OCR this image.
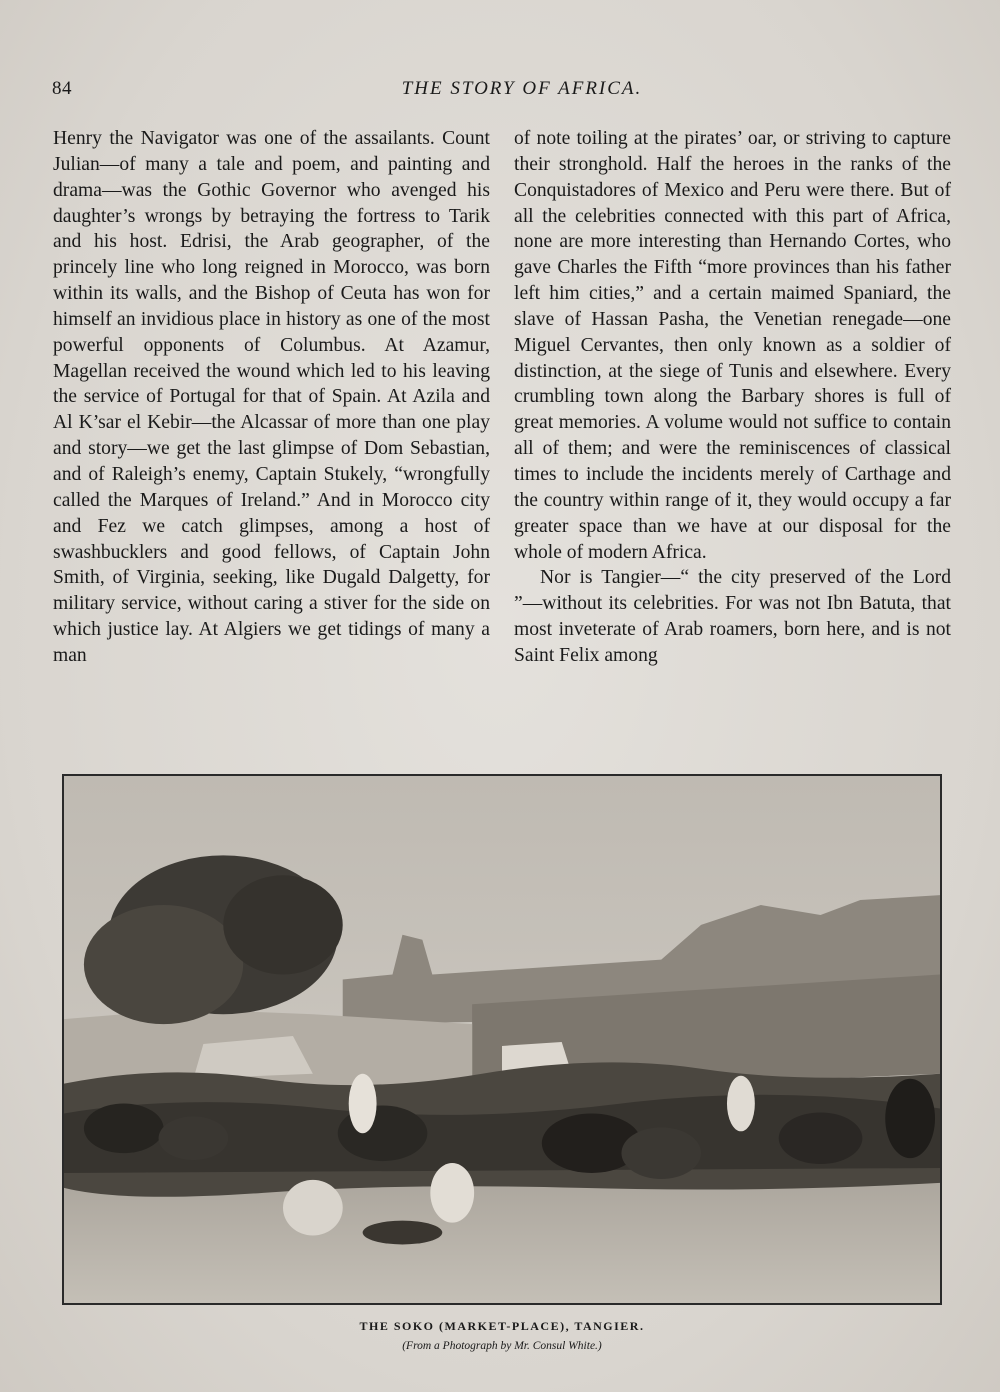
84	THE STORY OF AFRICA.

Henry the Navigator was one of the assailants. Count Julian—of many a tale and poem, and painting and drama—was the Gothic Governor who avenged his daughter’s wrongs by betraying the fortress to Tarik and his host. Edrisi, the Arab geographer, of the princely line who long reigned in Morocco, was born within its walls, and the Bishop of Ceuta has won for himself an invidious place in history as one of the most powerful opponents of Columbus. At Azamur, Magellan received the wound which led to his leaving the service of Portugal for that of Spain. At Azila and Al K’sar el Kebir—the Alcassar of more than one play and story—we get the last glimpse of Dom Sebastian, and of Raleigh’s enemy, Captain Stukely, “wrongfully called the Marques of Ireland.” And in Morocco city and Fez we catch glimpses, among a host of swashbucklers and good fellows, of Captain John Smith, of Virginia, seeking, like Dugald Dalgetty, for military service, without caring a stiver for the side on which justice lay. At Algiers we get tidings of many a man

of note toiling at the pirates’ oar, or striving to capture their stronghold. Half the heroes in the ranks of the Conquistadores of Mexico and Peru were there. But of all the celebrities connected with this part of Africa, none are more interesting than Hernando Cortes, who gave Charles the Fifth “more provinces than his father left him cities,” and a certain maimed Spaniard, the slave of Hassan Pasha, the Venetian renegade—one Miguel Cervantes, then only known as a soldier of distinction, at the siege of Tunis and elsewhere. Every crumbling town along the Barbary shores is full of great memories. A volume would not suffice to contain all of them; and were the reminiscences of classical times to include the incidents merely of Carthage and the country within range of it, they would occupy a far greater space than we have at our disposal for the whole of modern Africa.

Nor is Tangier—“ the city preserved of the Lord ”—without its celebrities. For was not Ibn Batuta, that most inveterate of Arab roamers, born here, and is not Saint Felix among

THE SOKO (MARKET-PLACE), TANGIER.
(From a Photograph by Mr. Consul White.)
